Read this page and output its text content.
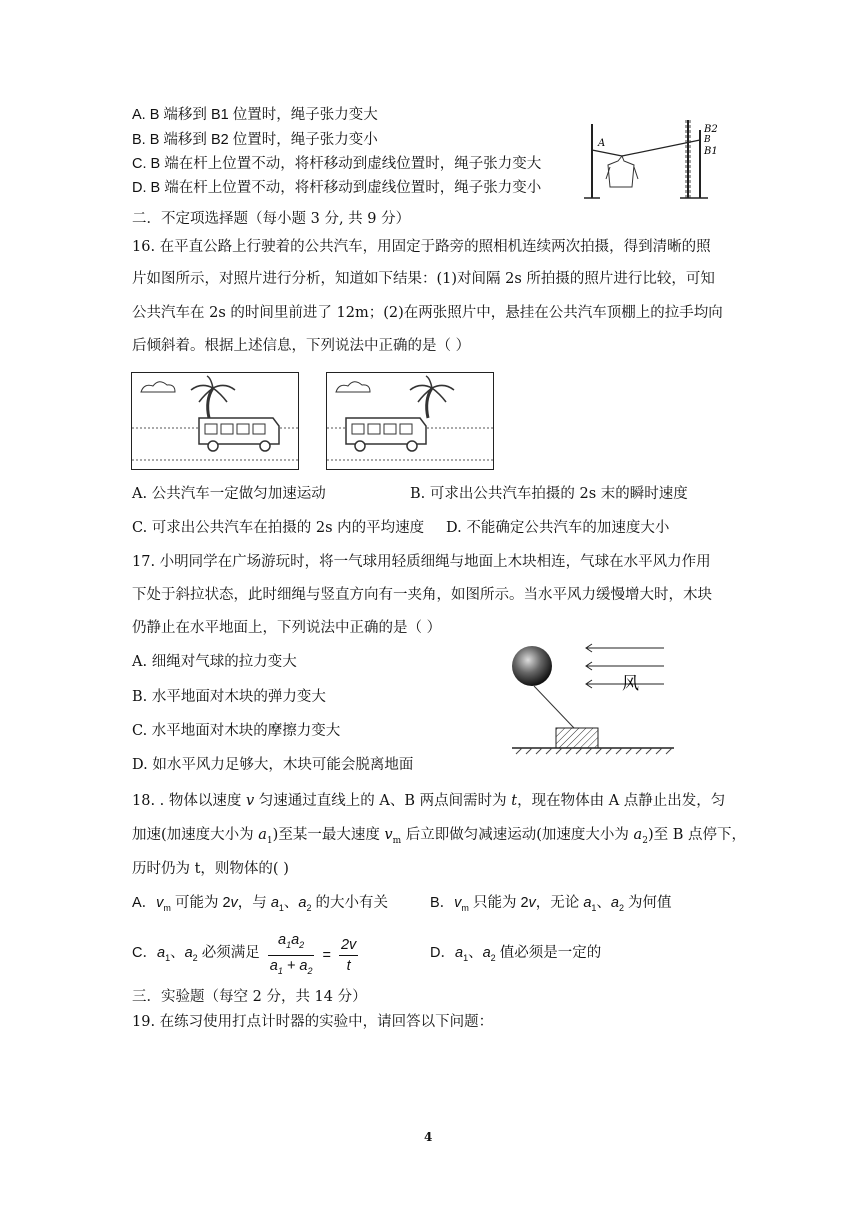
A. B 端移到 B1 位置时，绳子张力变大
B. B 端移到 B2 位置时，绳子张力变小
C. B 端在杆上位置不动，将杆移动到虚线位置时，绳子张力变大
D. B 端在杆上位置不动，将杆移动到虚线位置时，绳子张力变小
A
B2
B
B1
二．不定项选择题（每小题 3 分, 共 9 分）
16. 在平直公路上行驶着的公共汽车，用固定于路旁的照相机连续两次拍摄，得到清晰的照
片如图所示，对照片进行分析，知道如下结果：(1)对间隔 2s 所拍摄的照片进行比较，可知
公共汽车在 2s 的时间里前进了 12m；(2)在两张照片中，悬挂在公共汽车顶棚上的拉手均向
后倾斜着。根据上述信息，下列说法中正确的是（ ）
A. 公共汽车一定做匀加速运动	B. 可求出公共汽车拍摄的 2s 末的瞬时速度
C. 可求出公共汽车在拍摄的 2s 内的平均速度 D. 不能确定公共汽车的加速度大小
17. 小明同学在广场游玩时，将一气球用轻质细绳与地面上木块相连，气球在水平风力作用
下处于斜拉状态，此时细绳与竖直方向有一夹角，如图所示。当水平风力缓慢增大时，木块
仍静止在水平地面上，下列说法中正确的是（ ）
A. 细绳对气球的拉力变大
B. 水平地面对木块的弹力变大
C. 水平地面对木块的摩擦力变大
D. 如水平风力足够大，木块可能会脱离地面
风
18. . 物体以速度 v 匀速通过直线上的 A、B 两点间需时为 t，现在物体由 A 点静止出发，匀
加速(加速度大小为 $a_1$)至某一最大速度 $v_m$ 后立即做匀减速运动(加速度大小为 $a_2$)至 B 点停下，
历时仍为 t，则物体的( )
A．$v_m$ 可能为 2v，与 $a_1$、$a_2$ 的大小有关	B．$v_m$ 只能为 2v，无论 $a_1$、$a_2$ 为何值
C．$a_1$、$a_2$ 必须满足 $\frac{a_1a_2}{a_1 + a_2} = \frac{2v}{t}$	D．$a_1$、$a_2$ 值必须是一定的
三．实验题（每空 2 分，共 14 分）
19. 在练习使用打点计时器的实验中，请回答以下问题：
4
